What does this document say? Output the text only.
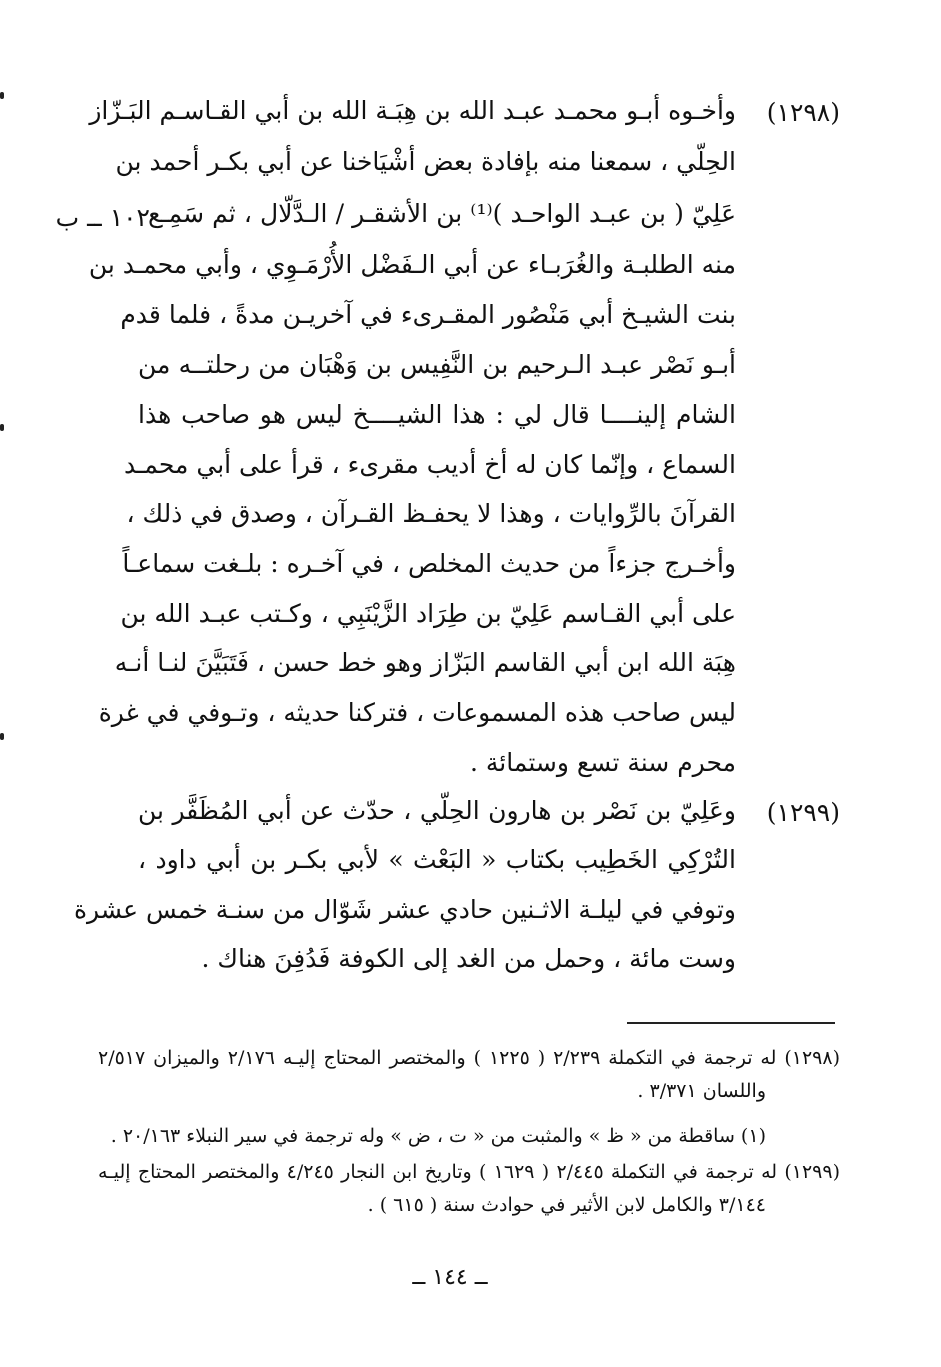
(١٢٩٨)
وأخـوه أبـو محمـد عبـد الله بن هِبَـة الله بن أبي القـاسـم البَـزّاز
الحِلّي ، سمعنا منه بإفادة بعض أشْيَاخنا عن أبي بكـر أحمد بن
عَلِيّ ( بن عبـد الواحـد )⁽¹⁾ بن الأشقـر / الـدَّلّال ، ثم سَمِـع
١٠٢ ــ ب
منه الطلبـة والغُرَبـاء عن أبي الـفَضْل الأُرْمَـوِي ، وأبي محمـد بن
بنت الشيـخ أبي مَنْصُور المقـرىء في آخريـن مدةً ، فلما قدم
أبـو نَصْر عبـد الـرحيم بن النَّفِيس بن وَهْبَان من رحلتــه من
الشام إلينــــا قال لي : هذا الشيــــخ ليس هو صاحب هذا
السماع ، وإنّما كان له أخ أديب مقرىء ، قرأ على أبي محمـد
القرآنَ بالرِّوايات ، وهذا لا يحفـظ القـرآن ، وصدق في ذلك ،
وأخـرج جزءاً من حديث المخلص ، في آخـره : بلـغت سماعـاً
على أبي القـاسم عَلِيّ بن طِرَاد الزَّيْنَبِي ، وكـتب عبـد الله بن
هِبَة الله ابن أبي القاسم البَزّاز وهو خط حسن ، فَتَبَيَّنَ لنـا أنـه
ليس صاحب هذه المسموعات ، فتركنا حديثه ، وتـوفي في غرة
محرم سنة تسع وستمائة .
(١٢٩٩)
وعَلِيّ بن نَصْر بن هارون الحِلّي ، حدّث عن أبي المُظَفَّر بن
التُرْكِي الخَطِيب بكتاب « البَعْث » لأبي بكـر بن أبي داود ،
وتوفي في ليلـة الاثـنين حادي عشر شَوّال من سنـة خمس عشرة
وست مائة ، وحمل من الغد إلى الكوفة فَدُفِنَ هناك .
(١٢٩٨) له ترجمة في التكملة ٢/٢٣٩ ( ١٢٢٥ ) والمختصر المحتاج إليـه ٢/١٧٦ والميزان ٢/٥١٧
واللسان ٣/٣٧١ .
(١) ساقطة من « ظ » والمثبت من « ت ، ض » وله ترجمة في سير النبلاء ٢٠/١٦٣ .
(١٢٩٩) له ترجمة في التكملة ٢/٤٤٥ ( ١٦٢٩ ) وتاريخ ابن النجار ٤/٢٤٥ والمختصر المحتاج إليـه
٣/١٤٤ والكامل لابن الأثير في حوادث سنة ( ٦١٥ ) .
ــ ١٤٤ ــ
